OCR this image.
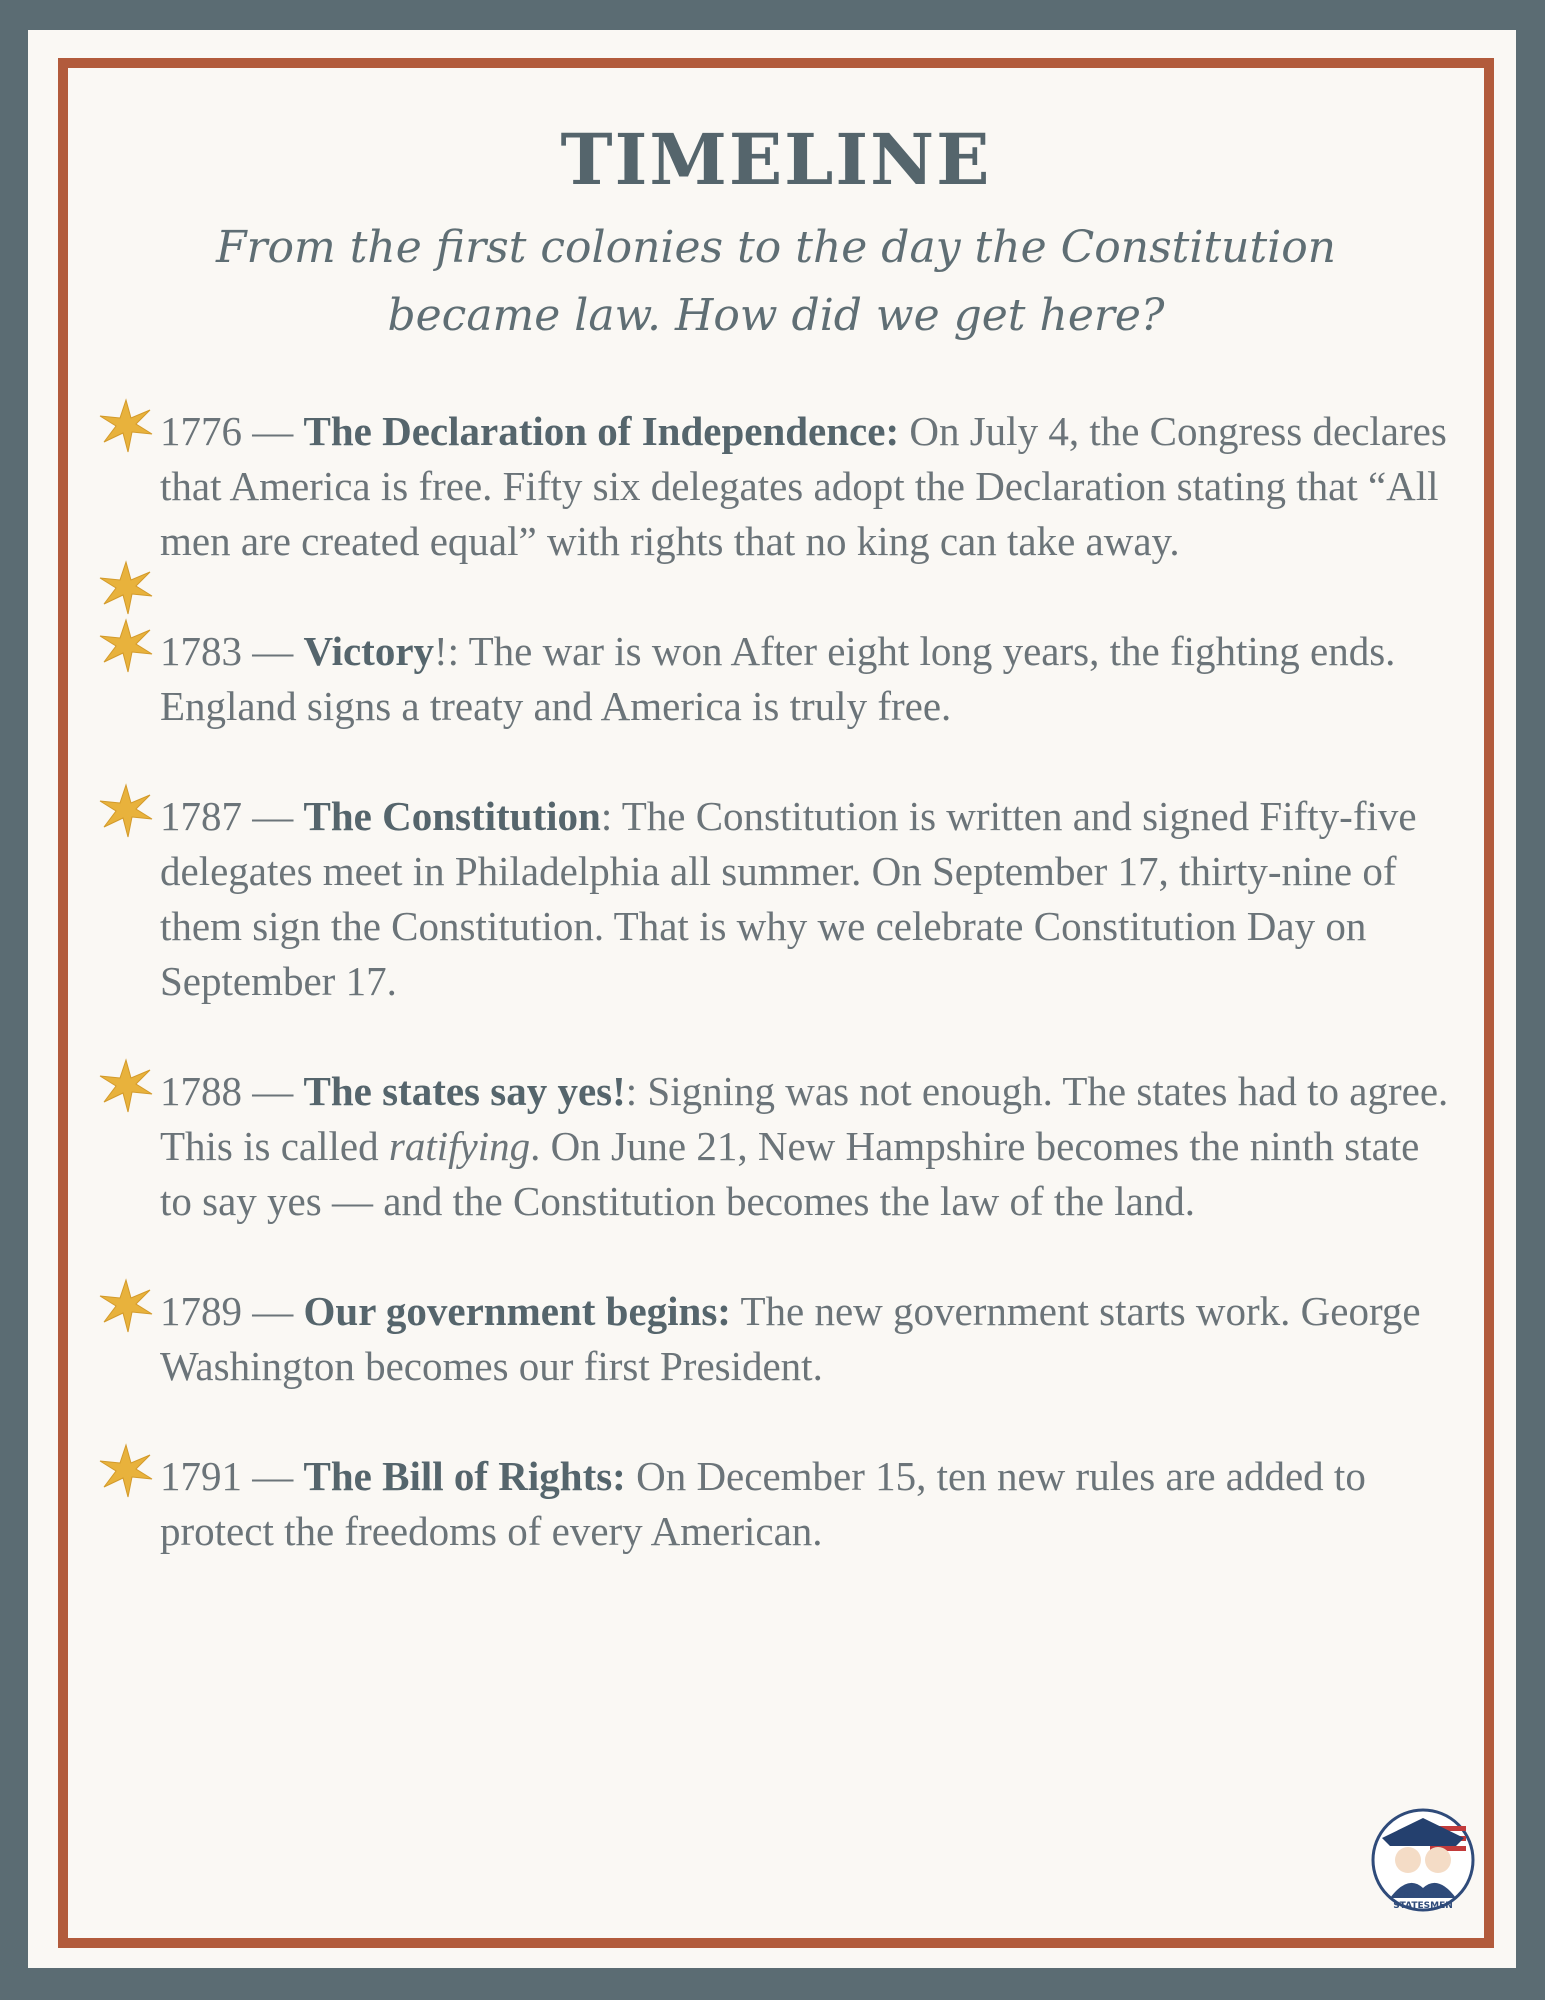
TIMELINE
From the first colonies to the day the Constitution became law. How did we get here?
1776 — The Declaration of Independence: On July 4, the Congress declares that America is free. Fifty six delegates adopt the Declaration stating that “All men are created equal” with rights that no king can take away.
1783 — Victory!: The war is won After eight long years, the fighting ends. England signs a treaty and America is truly free.
1787 — The Constitution: The Constitution is written and signed Fifty-five delegates meet in Philadelphia all summer. On September 17, thirty-nine of them sign the Constitution. That is why we celebrate Constitution Day on September 17.
1788 — The states say yes!: Signing was not enough. The states had to agree. This is called ratifying. On June 21, New Hampshire becomes the ninth state to say yes — and the Constitution becomes the law of the land.
1789 — Our government begins: The new government starts work. George Washington becomes our first President.
1791 — The Bill of Rights: On December 15, ten new rules are added to protect the freedoms of every American.
The Littlest
STATESMEN
